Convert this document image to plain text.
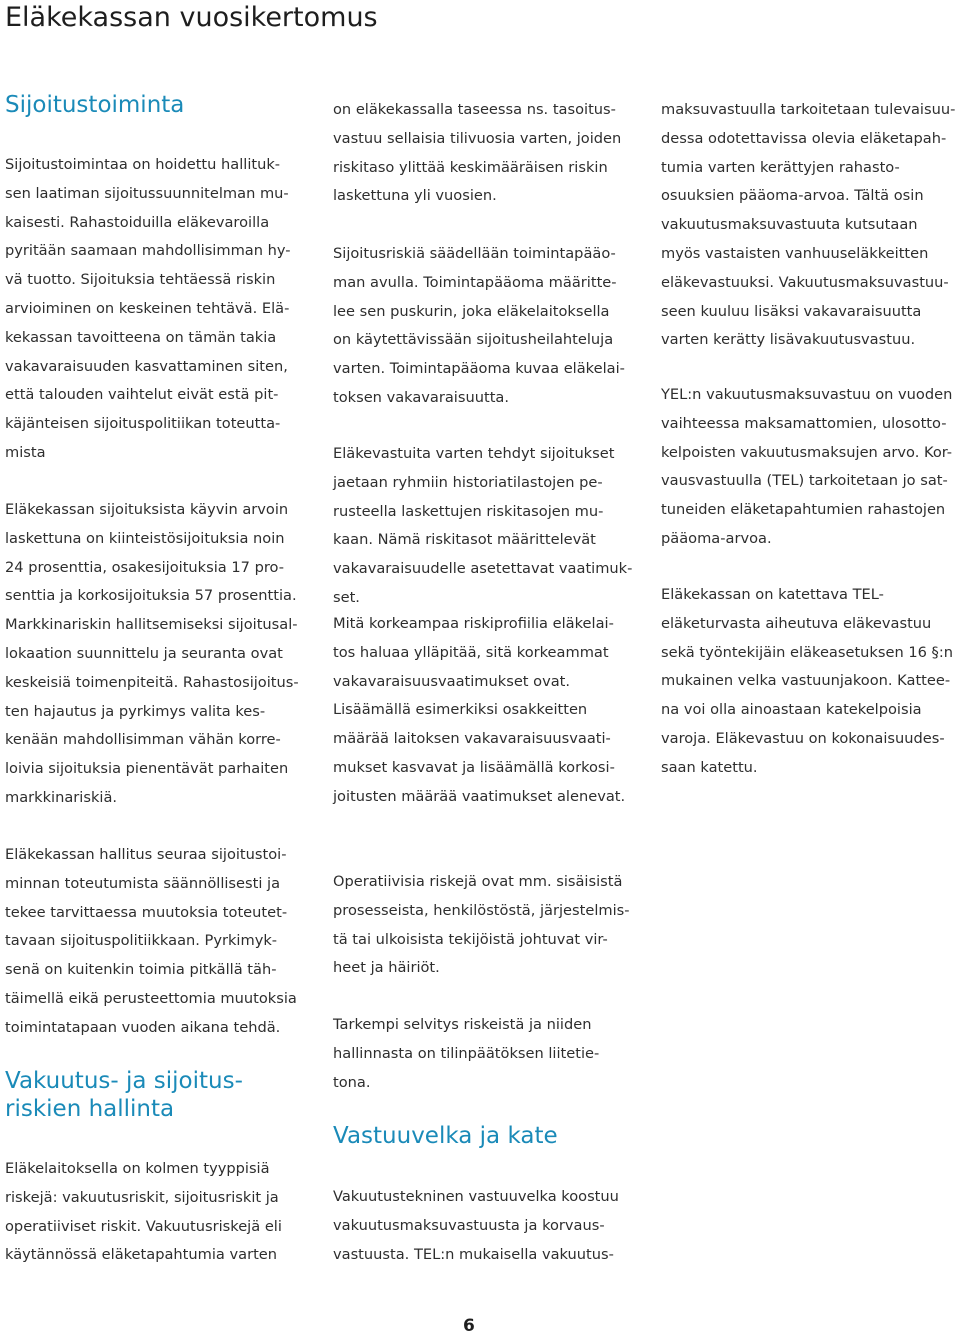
Eläkekassan vuosikertomus
Sijoitustoiminta
Sijoitustoimintaa on hoidettu hallituk-
sen laatiman sijoitussuunnitelman mu-
kaisesti. Rahastoiduilla eläkevaroilla
pyritään saamaan mahdollisimman hy-
vä tuotto. Sijoituksia tehtäessä riskin
arvioiminen on keskeinen tehtävä. Elä-
kekassan tavoitteena on tämän takia
vakavaraisuuden kasvattaminen siten,
että talouden vaihtelut eivät estä pit-
käjänteisen sijoituspolitiikan toteutta-
mista
Eläkekassan sijoituksista käyvin arvoin
laskettuna on kiinteistösijoituksia noin
24 prosenttia, osakesijoituksia 17 pro-
senttia ja korkosijoituksia 57 prosenttia.
Markkinariskin hallitsemiseksi sijoitusal-
lokaation suunnittelu ja seuranta ovat
keskeisiä toimenpiteitä. Rahastosijoitus-
ten hajautus ja pyrkimys valita kes-
kenään mahdollisimman vähän korre-
loivia sijoituksia pienentävät parhaiten
markkinariskiä.
Eläkekassan hallitus seuraa sijoitustoi-
minnan toteutumista säännöllisesti ja
tekee tarvittaessa muutoksia toteutet-
tavaan sijoituspolitiikkaan. Pyrkimyk-
senä on kuitenkin toimia pitkällä täh-
täimellä eikä perusteettomia muutoksia
toimintatapaan vuoden aikana tehdä.
Vakuutus- ja sijoitus-
riskien hallinta
Eläkelaitoksella on kolmen tyyppisiä
riskejä: vakuutusriskit, sijoitusriskit ja
operatiiviset riskit. Vakuutusriskejä eli
käytännössä eläketapahtumia varten
on eläkekassalla taseessa ns. tasoitus-
vastuu sellaisia tilivuosia varten, joiden
riskitaso ylittää keskimääräisen riskin
laskettuna yli vuosien.
Sijoitusriskiä säädellään toimintapääo-
man avulla. Toimintapääoma määritte-
lee sen puskurin, joka eläkelaitoksella
on käytettävissään sijoitusheilahteluja
varten. Toimintapääoma kuvaa eläkelai-
toksen vakavaraisuutta.
Eläkevastuita varten tehdyt sijoitukset
jaetaan ryhmiin historiatilastojen pe-
rusteella laskettujen riskitasojen mu-
kaan. Nämä riskitasot määrittelevät
vakavaraisuudelle asetettavat vaatimuk-
set.
Mitä korkeampaa riskiprofiilia eläkelai-
tos haluaa ylläpitää, sitä korkeammat
vakavaraisuusvaatimukset ovat.
Lisäämällä esimerkiksi osakkeitten
määrää laitoksen vakavaraisuusvaati-
mukset kasvavat ja lisäämällä korkosi-
joitusten määrää vaatimukset alenevat.
Operatiivisia riskejä ovat mm. sisäisistä
prosesseista, henkilöstöstä, järjestelmis-
tä tai ulkoisista tekijöistä johtuvat vir-
heet ja häiriöt.
Tarkempi selvitys riskeistä ja niiden
hallinnasta on tilinpäätöksen liitetie-
tona.
Vastuuvelka ja kate
Vakuutustekninen vastuuvelka koostuu
vakuutusmaksuvastuusta ja korvaus-
vastuusta. TEL:n mukaisella vakuutus-
maksuvastuulla tarkoitetaan tulevaisuu-
dessa odotettavissa olevia eläketapah-
tumia varten kerättyjen rahasto-
osuuksien pääoma-arvoa. Tältä osin
vakuutusmaksuvastuuta kutsutaan
myös vastaisten vanhuuseläkkeitten
eläkevastuuksi. Vakuutusmaksuvastuu-
seen kuuluu lisäksi vakavaraisuutta
varten kerätty lisävakuutusvastuu.
YEL:n vakuutusmaksuvastuu on vuoden
vaihteessa maksamattomien, ulosotto-
kelpoisten vakuutusmaksujen arvo. Kor-
vausvastuulla (TEL) tarkoitetaan jo sat-
tuneiden eläketapahtumien rahastojen
pääoma-arvoa.
Eläkekassan on katettava TEL-
eläketurvasta aiheutuva eläkevastuu
sekä työntekijäin eläkeasetuksen 16 §:n
mukainen velka vastuunjakoon. Kattee-
na voi olla ainoastaan katekelpoisia
varoja. Eläkevastuu on kokonaisuudes-
saan katettu.
6
